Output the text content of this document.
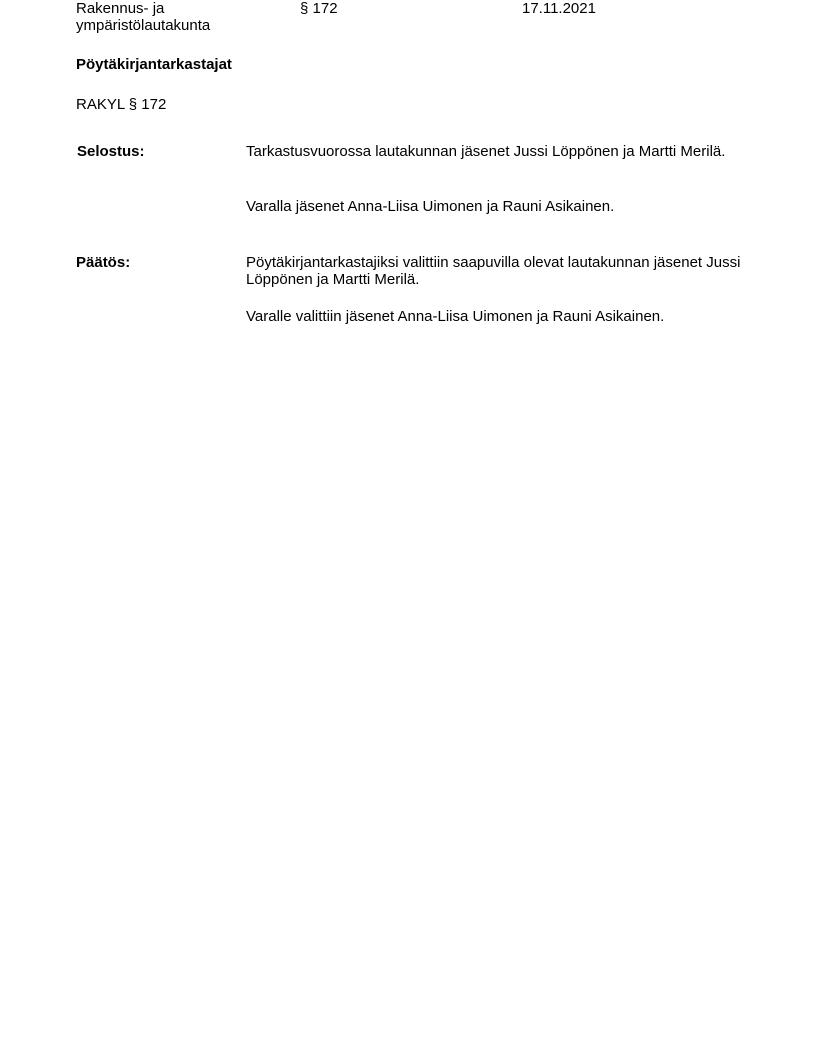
Rakennus- ja
ympäristölautakunta
§ 172	17.11.2021
Pöytäkirjantarkastajat
RAKYL § 172
Selostus:	Tarkastusvuorossa lautakunnan jäsenet Jussi Löppönen ja Martti Merilä.

Varalla jäsenet Anna-Liisa Uimonen ja Rauni Asikainen.

Päätös:	Pöytäkirjantarkastajiksi valittiin saapuvilla olevat lautakunnan jäsenet Jussi Löppönen ja Martti Merilä.

Varalle valittiin jäsenet Anna-Liisa Uimonen ja Rauni Asikainen.
